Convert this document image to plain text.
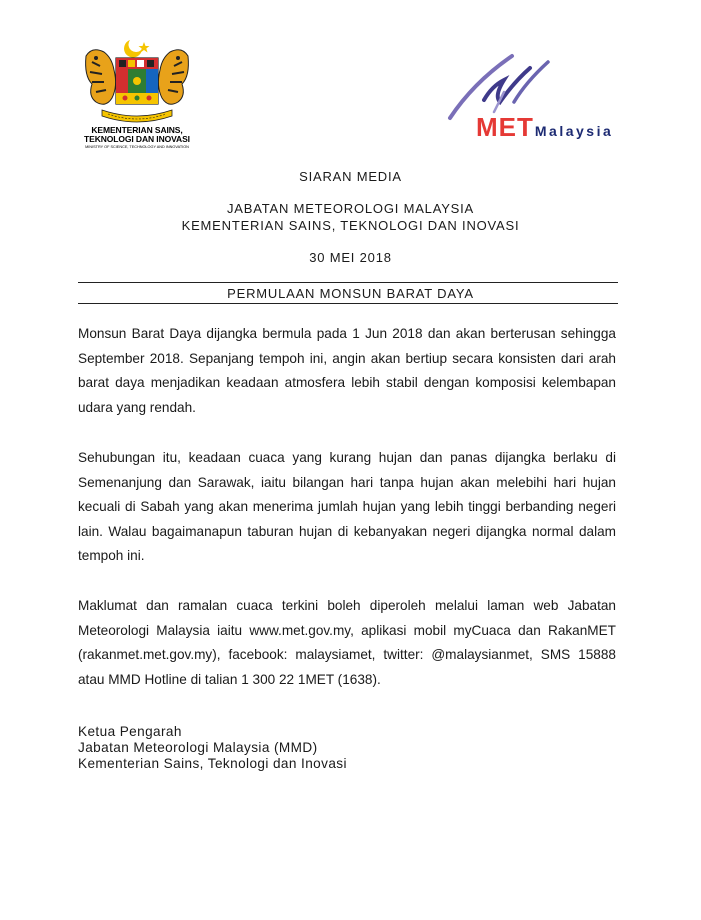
KEMENTERIAN SAINS,
TEKNOLOGI DAN INOVASI
MINISTRY OF SCIENCE, TECHNOLOGY AND INNOVATION
METMalaysia
SIARAN MEDIA
JABATAN METEOROLOGI MALAYSIA
KEMENTERIAN SAINS, TEKNOLOGI DAN INOVASI
30 MEI 2018
PERMULAAN MONSUN BARAT DAYA
Monsun Barat Daya dijangka bermula pada 1 Jun 2018 dan akan berterusan sehingga September 2018. Sepanjang tempoh ini, angin akan bertiup secara konsisten dari arah barat daya menjadikan keadaan atmosfera lebih stabil dengan komposisi kelembapan udara yang rendah.
Sehubungan itu, keadaan cuaca yang kurang hujan dan panas dijangka berlaku di Semenanjung dan Sarawak, iaitu bilangan hari tanpa hujan akan melebihi hari hujan kecuali di Sabah yang akan menerima jumlah hujan yang lebih tinggi berbanding negeri lain. Walau bagaimanapun taburan hujan di kebanyakan negeri dijangka normal dalam tempoh ini.
Maklumat dan ramalan cuaca terkini boleh diperoleh melalui laman web Jabatan Meteorologi Malaysia iaitu www.met.gov.my, aplikasi mobil myCuaca dan RakanMET (rakanmet.met.gov.my), facebook: malaysiamet, twitter: @malaysianmet, SMS 15888 atau MMD Hotline di talian 1 300 22 1MET (1638).
Ketua Pengarah
Jabatan Meteorologi Malaysia (MMD)
Kementerian Sains, Teknologi dan Inovasi
